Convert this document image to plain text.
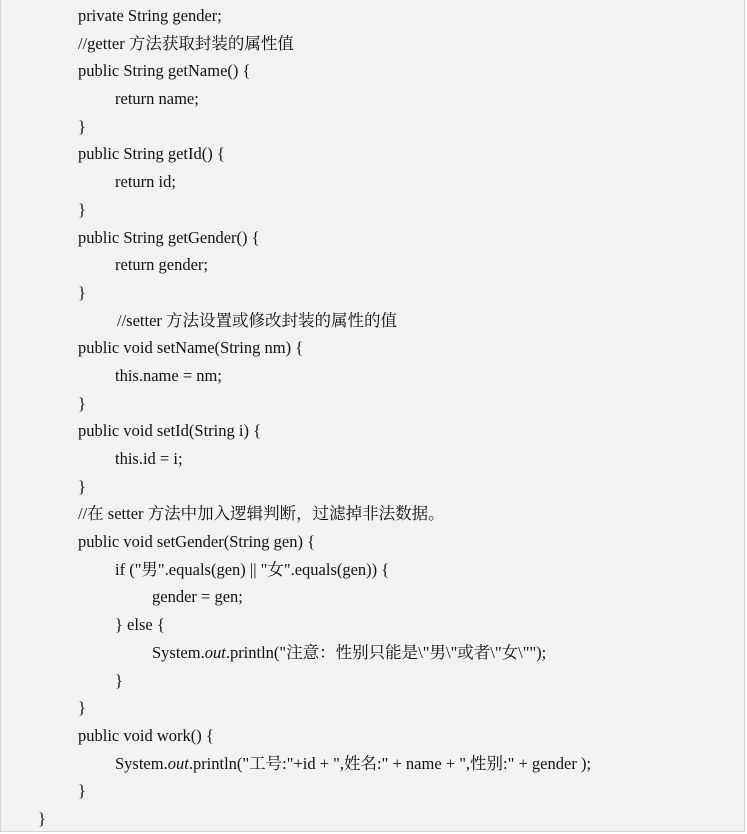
private String gender;
//getter 方法获取封装的属性值
public String getName() {
return name;
}
public String getId() {
return id;
}
public String getGender() {
return gender;
}
//setter 方法设置或修改封装的属性的值
public void setName(String nm) {
this.name = nm;
}
public void setId(String i) {
this.id = i;
}
//在 setter 方法中加入逻辑判断，过滤掉非法数据。
public void setGender(String gen) {
if ("男".equals(gen) || "女".equals(gen)) {
gender = gen;
} else {
System.out.println("注意：性别只能是\"男\"或者\"女\"");
}
}
public void work() {
System.out.println("工号:"+id + ",姓名:" + name + ",性别:" + gender );
}
}
